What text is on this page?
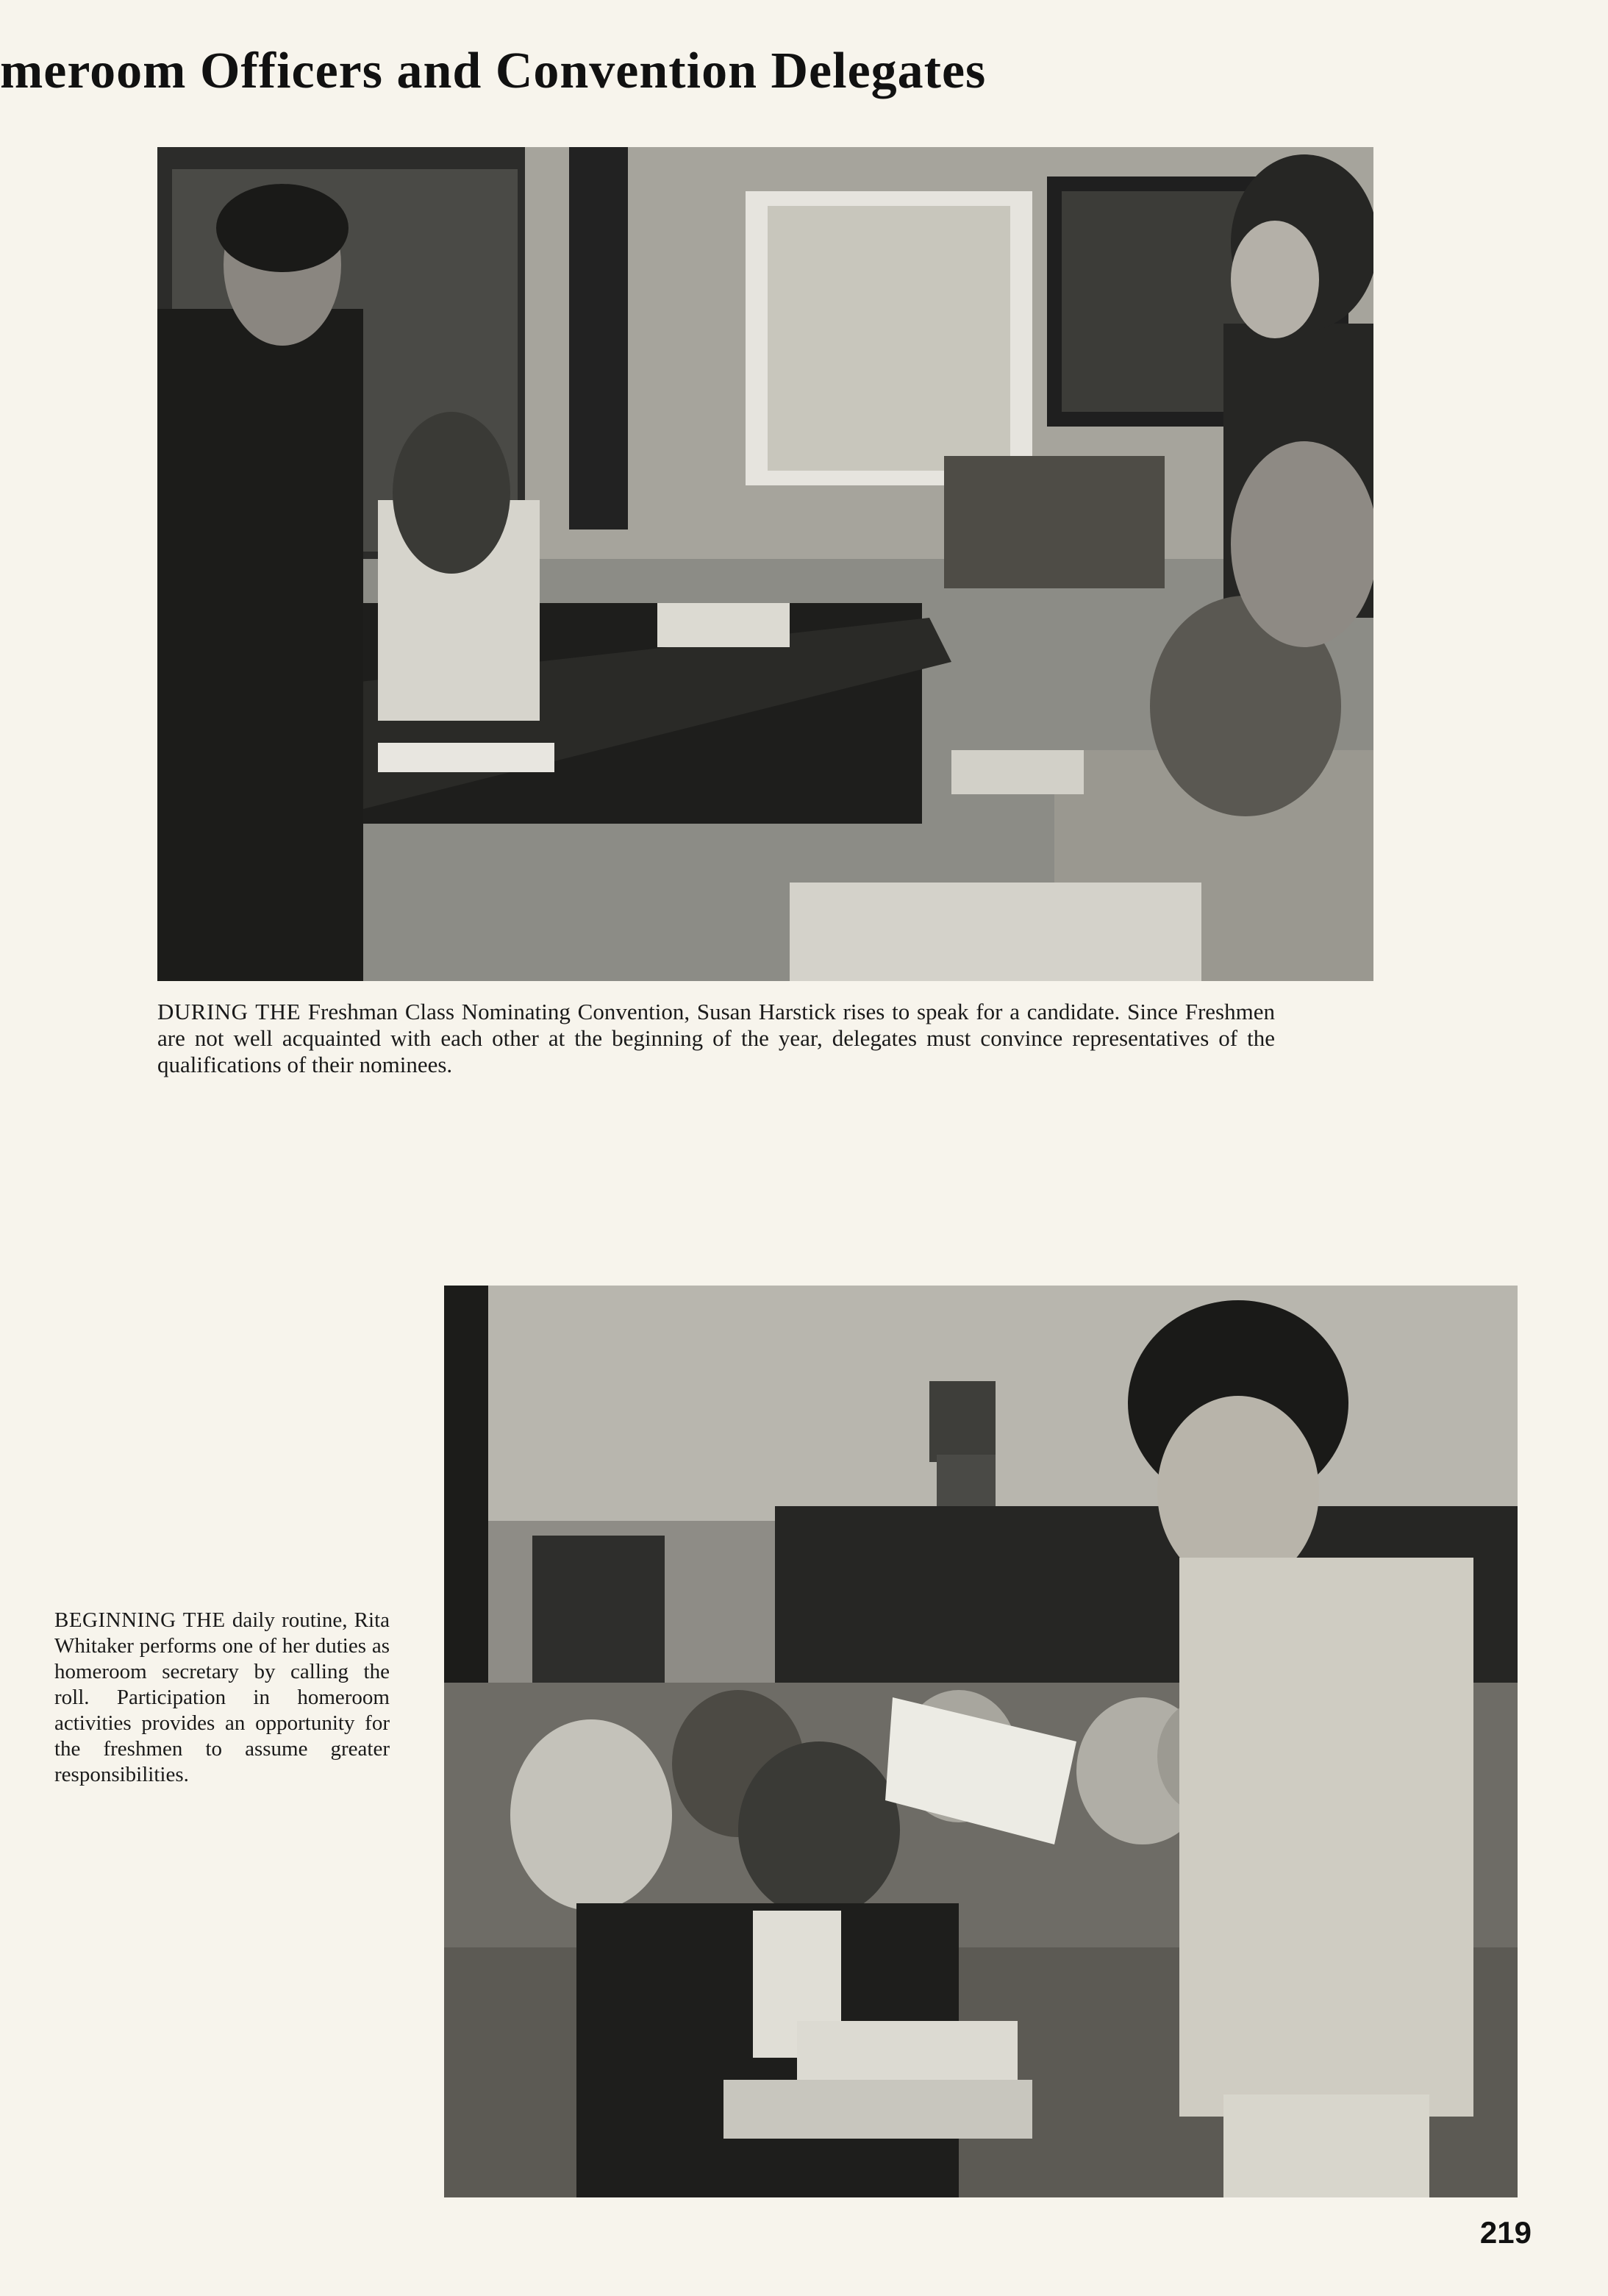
meroom Officers and Convention Delegates

DURING THE Freshman Class Nominating Convention, Susan Harstick rises to speak for a candidate. Since Freshmen are not well acquainted with each other at the beginning of the year, delegates must convince representatives of the qualifications of their nominees.

BEGINNING THE daily routine, Rita Whitaker performs one of her duties as homeroom secretary by calling the roll. Participation in homeroom activities provides an opportunity for the freshmen to assume greater responsibilities.

219
